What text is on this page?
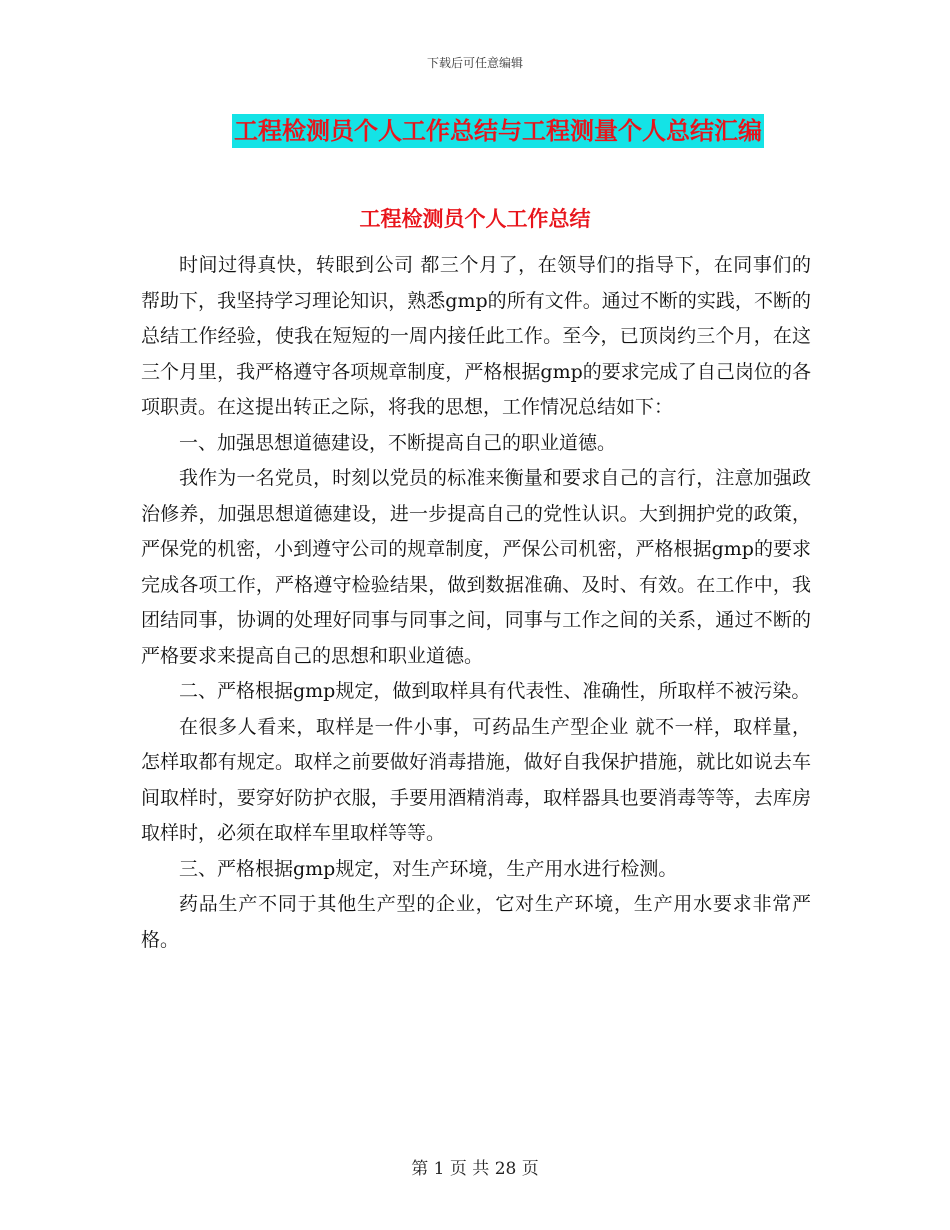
下载后可任意编辑
工程检测员个人工作总结与工程测量个人总结汇编
工程检测员个人工作总结

时间过得真快，转眼到公司 都三个月了，在领导们的指导下，在同事们的帮助下，我坚持学习理论知识，熟悉gmp的所有文件。通过不断的实践，不断的总结工作经验，使我在短短的一周内接任此工作。至今，已顶岗约三个月，在这三个月里，我严格遵守各项规章制度，严格根据gmp的要求完成了自己岗位的各项职责。在这提出转正之际，将我的思想，工作情况总结如下：

一、加强思想道德建设，不断提高自己的职业道德。

我作为一名党员，时刻以党员的标准来衡量和要求自己的言行，注意加强政治修养，加强思想道德建设，进一步提高自己的党性认识。大到拥护党的政策，严保党的机密，小到遵守公司的规章制度，严保公司机密，严格根据gmp的要求完成各项工作，严格遵守检验结果，做到数据准确、及时、有效。在工作中，我团结同事，协调的处理好同事与同事之间，同事与工作之间的关系，通过不断的严格要求来提高自己的思想和职业道德。

二、严格根据gmp规定，做到取样具有代表性、准确性，所取样不被污染。

在很多人看来，取样是一件小事，可药品生产型企业 就不一样，取样量，怎样取都有规定。取样之前要做好消毒措施，做好自我保护措施，就比如说去车间取样时，要穿好防护衣服，手要用酒精消毒，取样器具也要消毒等等，去库房取样时，必须在取样车里取样等等。

三、严格根据gmp规定，对生产环境，生产用水进行检测。

药品生产不同于其他生产型的企业，它对生产环境，生产用水要求非常严格。

第 1 页 共 28 页
